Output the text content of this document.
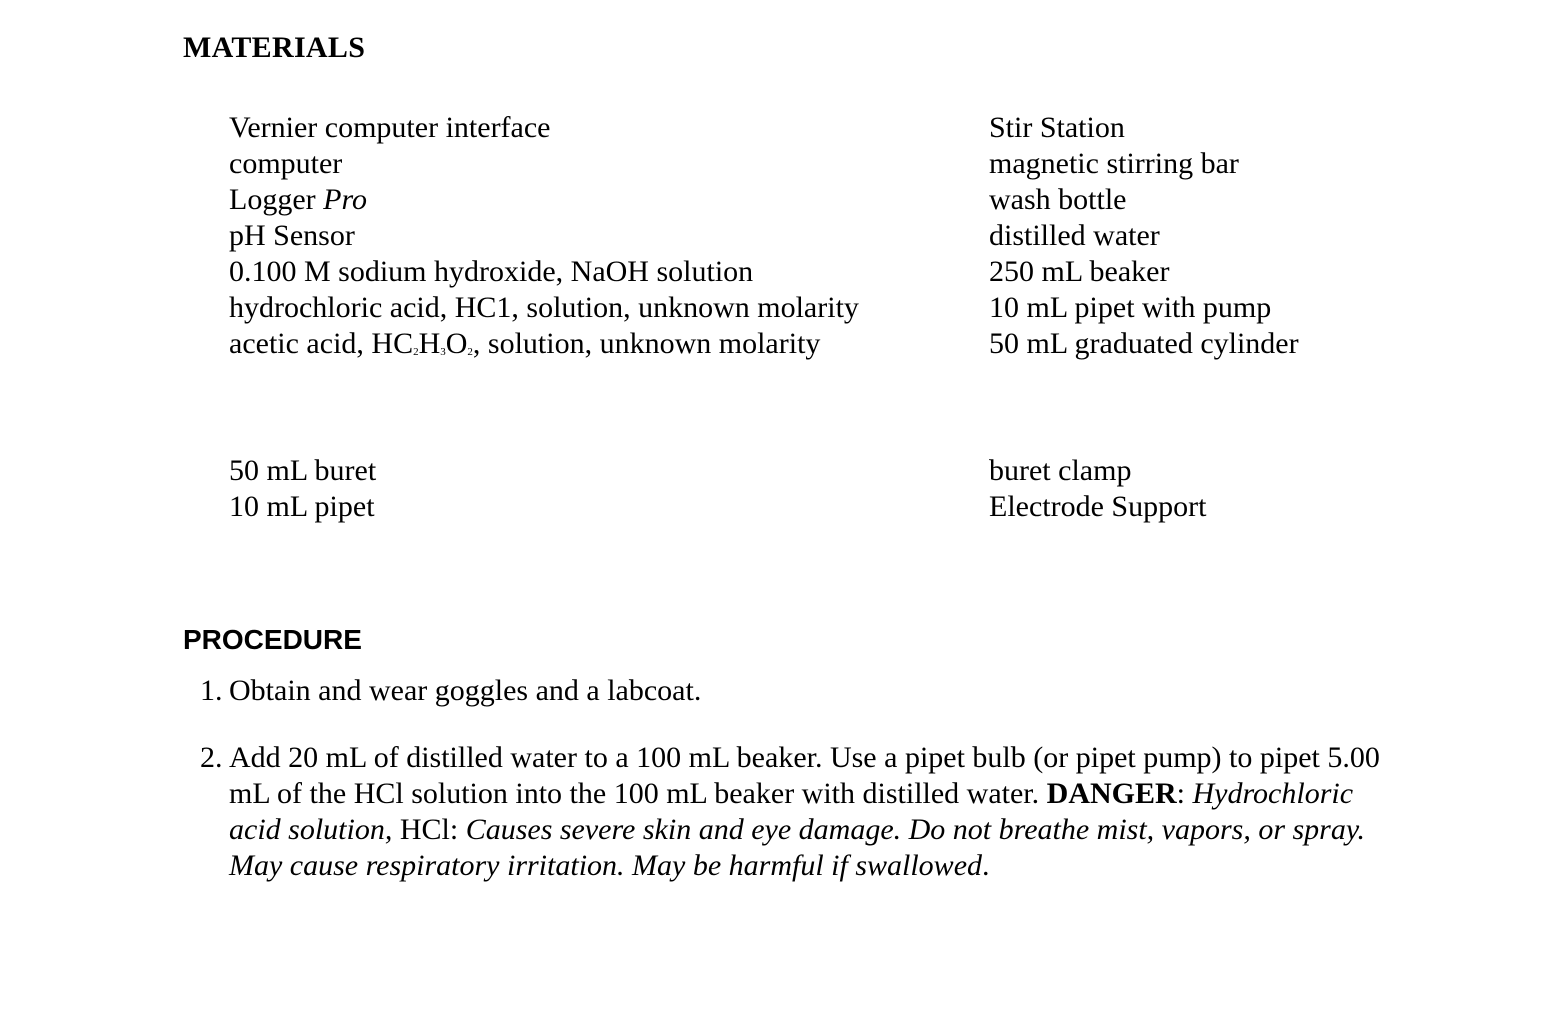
MATERIALS
Vernier computer interface
computer
Logger Pro
pH Sensor
0.100 M sodium hydroxide, NaOH solution
hydrochloric acid, HC1, solution, unknown molarity
acetic acid, HC2H3O2, solution, unknown molarity
Stir Station
magnetic stirring bar
wash bottle
distilled water
250 mL beaker
10 mL pipet with pump
50 mL graduated cylinder
50 mL buret
10 mL pipet
buret clamp
Electrode Support
PROCEDURE
1. Obtain and wear goggles and a labcoat.
2. Add 20 mL of distilled water to a 100 mL beaker. Use a pipet bulb (or pipet pump) to pipet 5.00 mL of the HCl solution into the 100 mL beaker with distilled water. DANGER: Hydrochloric acid solution, HCl: Causes severe skin and eye damage. Do not breathe mist, vapors, or spray. May cause respiratory irritation. May be harmful if swallowed.
